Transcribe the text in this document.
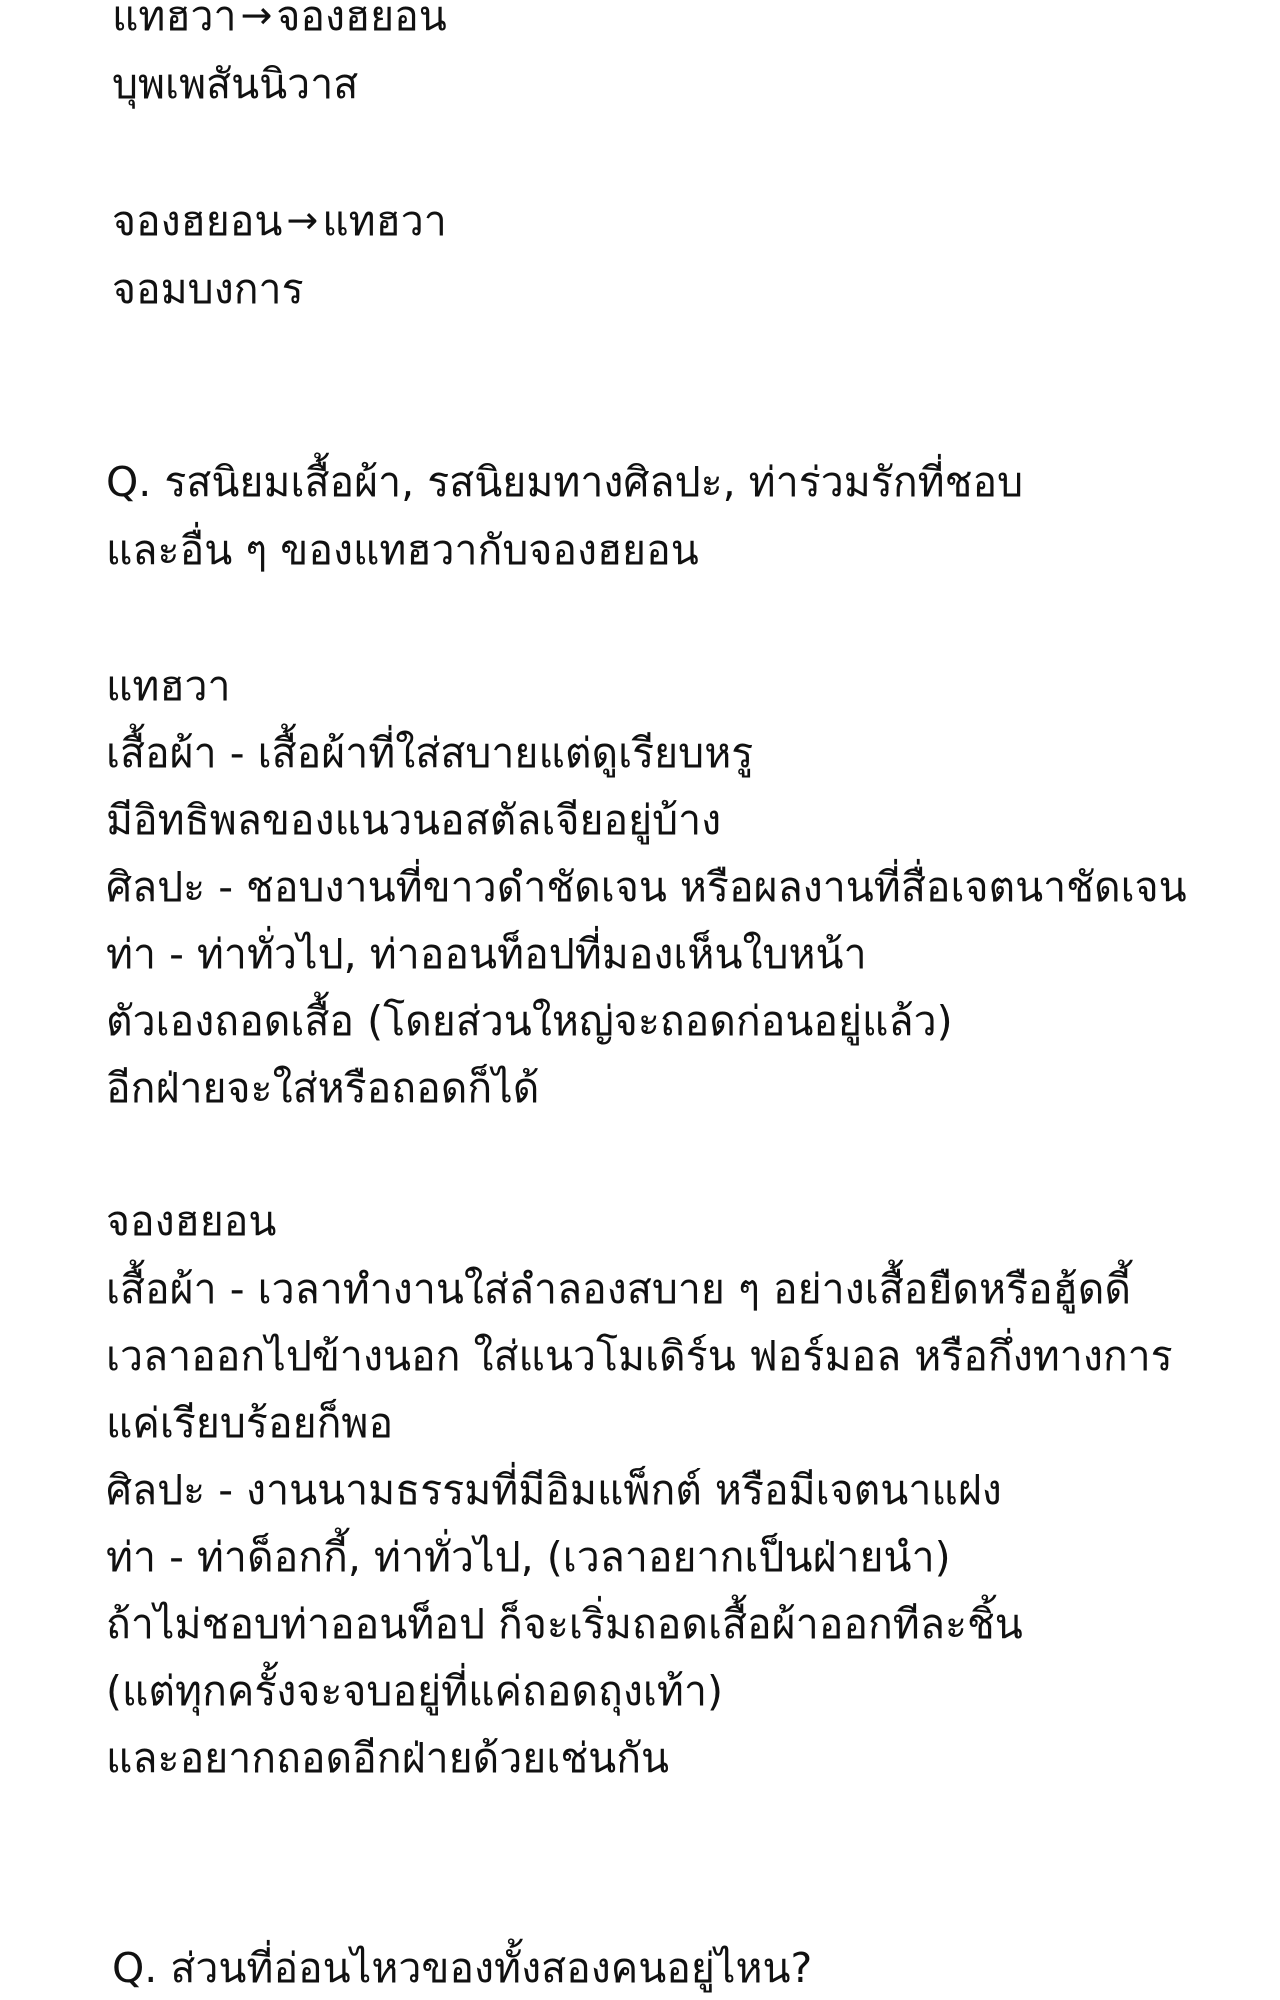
แทฮวา →จองฮยอน
บุพเพสันนิวาส
จองฮยอน →แทฮวา
จอมบงการ
Q. รสนิยมเสื้อผ้า, รสนิยมทางศิลปะ, ท่าร่วมรักที่ชอบ
และอื่น ๆ ของแทฮวากับจองฮยอน
แทฮวา
เสื้อผ้า - เสื้อผ้าที่ใส่สบายแต่ดูเรียบหรู
มีอิทธิพลของแนวนอสตัลเจียอยู่บ้าง
ศิลปะ - ชอบงานที่ขาวดำชัดเจน หรือผลงานที่สื่อเจตนาชัดเจน
ท่า - ท่าทั่วไป, ท่าออนท็อปที่มองเห็นใบหน้า
ตัวเองถอดเสื้อ (โดยส่วนใหญ่จะถอดก่อนอยู่แล้ว)
อีกฝ่ายจะใส่หรือถอดก็ได้
จองฮยอน
เสื้อผ้า - เวลาทำงานใส่ลำลองสบาย ๆ อย่างเสื้อยืดหรือฮู้ดดี้
เวลาออกไปข้างนอก ใส่แนวโมเดิร์น ฟอร์มอล หรือกึ่งทางการ
แค่เรียบร้อยก็พอ
ศิลปะ - งานนามธรรมที่มีอิมแพ็กต์ หรือมีเจตนาแฝง
ท่า - ท่าด็อกกี้, ท่าทั่วไป, (เวลาอยากเป็นฝ่ายนำ)
ถ้าไม่ชอบท่าออนท็อป ก็จะเริ่มถอดเสื้อผ้าออกทีละชิ้น
(แต่ทุกครั้งจะจบอยู่ที่แค่ถอดถุงเท้า)
และอยากถอดอีกฝ่ายด้วยเช่นกัน
Q. ส่วนที่อ่อนไหวของทั้งสองคนอยู่ไหน?
